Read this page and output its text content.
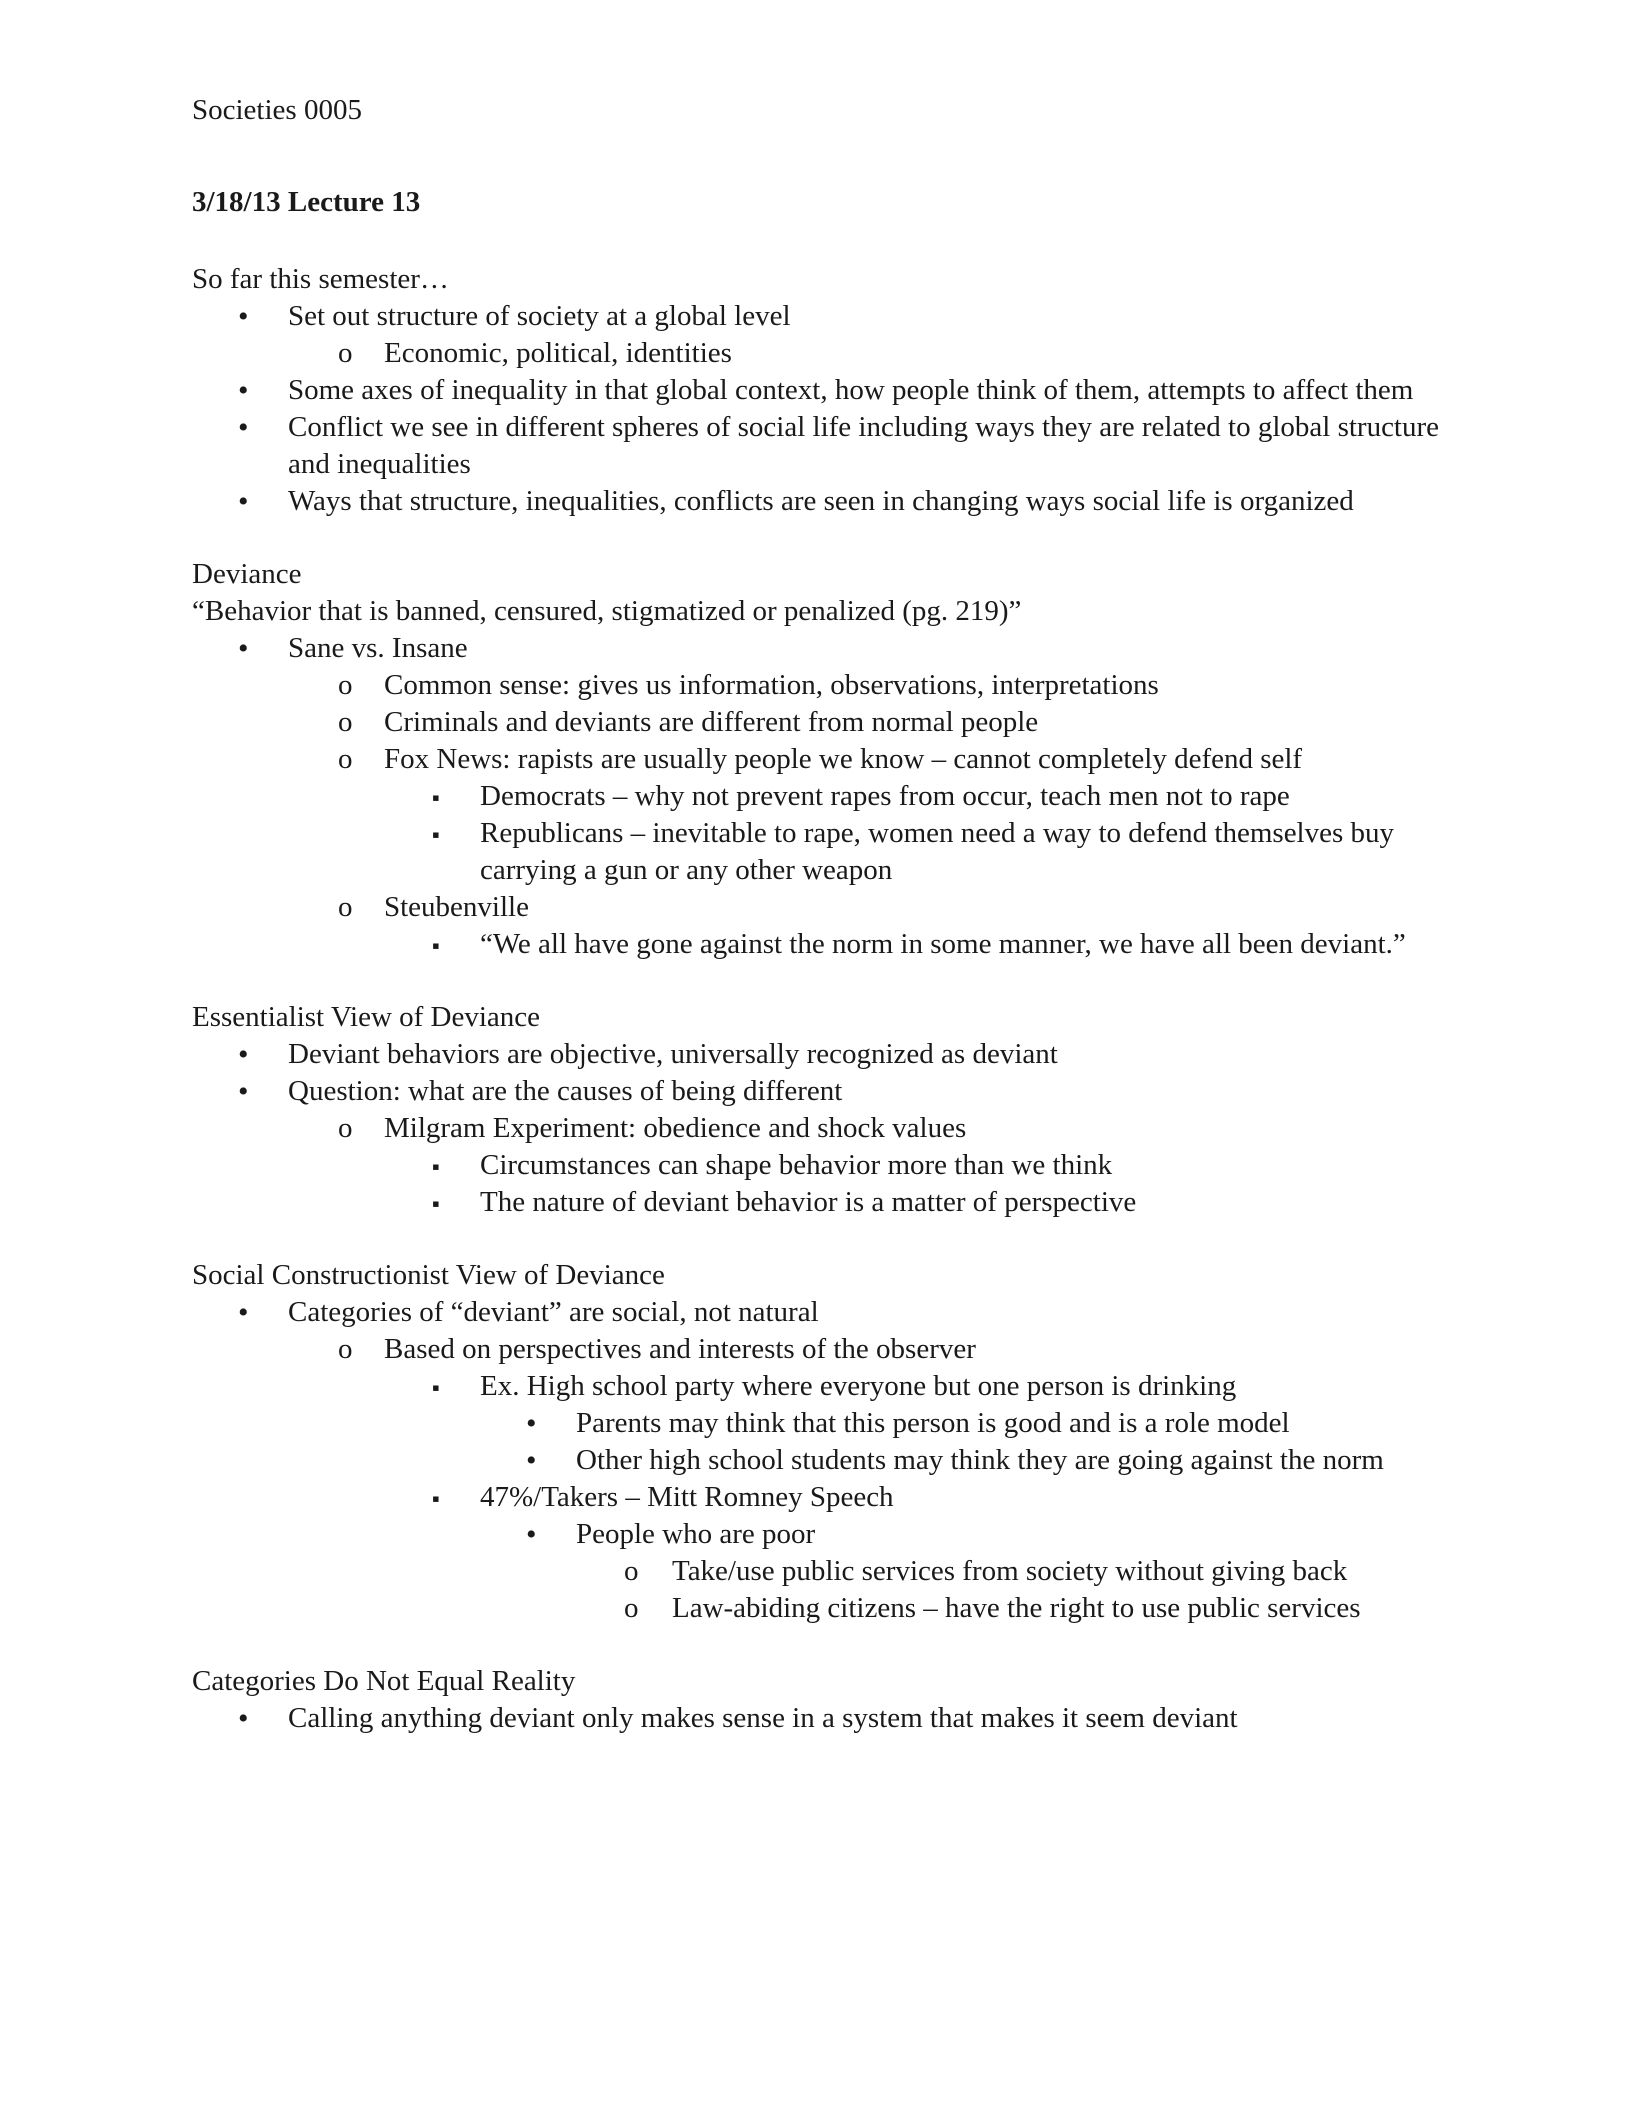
Societies 0005

3/18/13 Lecture 13

So far this semester…

•
Set out structure of society at a global level
o
Economic, political, identities
•
Some axes of inequality in that global context, how people think of them, attempts to affect them
•
Conflict we see in different spheres of social life including ways they are related to global structure and inequalities
•
Ways that structure, inequalities, conflicts are seen in changing ways social life is organized

Deviance

“Behavior that is banned, censured, stigmatized or penalized (pg. 219)”

•
Sane vs. Insane
o
Common sense: gives us information, observations, interpretations
o
Criminals and deviants are different from normal people
o
Fox News: rapists are usually people we know – cannot completely defend self
▪
Democrats – why not prevent rapes from occur, teach men not to rape
▪
Republicans – inevitable to rape, women need a way to defend themselves buy carrying a gun or any other weapon
o
Steubenville
▪
“We all have gone against the norm in some manner, we have all been deviant.”

Essentialist View of Deviance

•
Deviant behaviors are objective, universally recognized as deviant
•
Question: what are the causes of being different
o
Milgram Experiment: obedience and shock values
▪
Circumstances can shape behavior more than we think
▪
The nature of deviant behavior is a matter of perspective

Social Constructionist View of Deviance

•
Categories of “deviant” are social, not natural
o
Based on perspectives and interests of the observer
▪
Ex. High school party where everyone but one person is drinking
•
Parents may think that this person is good and is a role model
•
Other high school students may think they are going against the norm
▪
47%/Takers – Mitt Romney Speech
•
People who are poor
o
Take/use public services from society without giving back
o
Law-abiding citizens – have the right to use public services

Categories Do Not Equal Reality

•
Calling anything deviant only makes sense in a system that makes it seem deviant
